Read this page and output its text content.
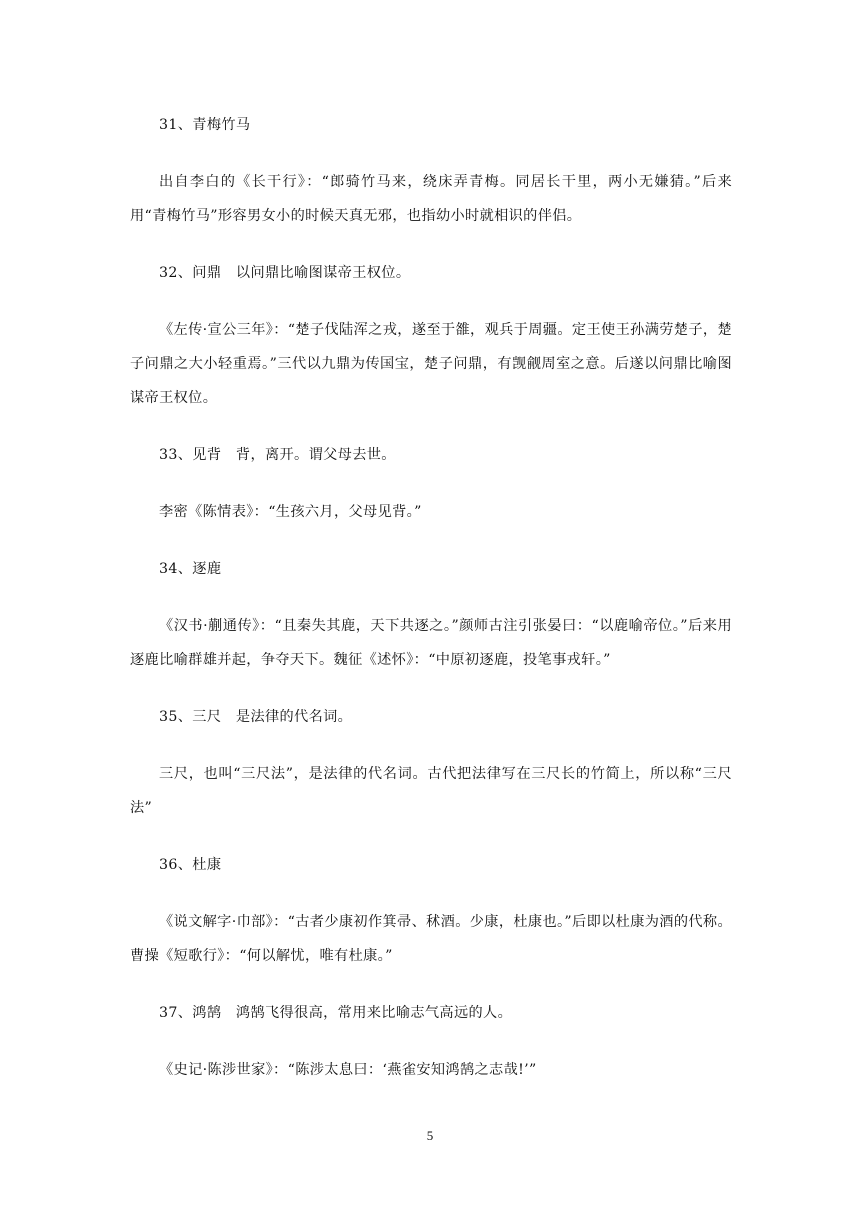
31、青梅竹马

出自李白的《长干行》：“郎骑竹马来，绕床弄青梅。同居长干里，两小无嫌猜。”后来用“青梅竹马”形容男女小的时候天真无邪，也指幼小时就相识的伴侣。

32、问鼎　以问鼎比喻图谋帝王权位。

《左传·宣公三年》：“楚子伐陆浑之戎，遂至于雒，观兵于周疆。定王使王孙满劳楚子，楚子问鼎之大小轻重焉。”三代以九鼎为传国宝，楚子问鼎，有觊觎周室之意。后遂以问鼎比喻图谋帝王权位。

33、见背　背，离开。谓父母去世。

李密《陈情表》：“生孩六月，父母见背。”

34、逐鹿

《汉书·蒯通传》：“且秦失其鹿，天下共逐之。”颜师古注引张晏曰：“以鹿喻帝位。”后来用逐鹿比喻群雄并起，争夺天下。魏征《述怀》：“中原初逐鹿，投笔事戎轩。”

35、三尺　是法律的代名词。

三尺，也叫“三尺法”，是法律的代名词。古代把法律写在三尺长的竹简上，所以称“三尺法”

36、杜康

《说文解字·巾部》：“古者少康初作箕帚、秫酒。少康，杜康也。”后即以杜康为酒的代称。曹操《短歌行》：“何以解忧，唯有杜康。”

37、鸿鹄　鸿鹄飞得很高，常用来比喻志气高远的人。

《史记·陈涉世家》：“陈涉太息曰：‘燕雀安知鸿鹄之志哉!’”

5
